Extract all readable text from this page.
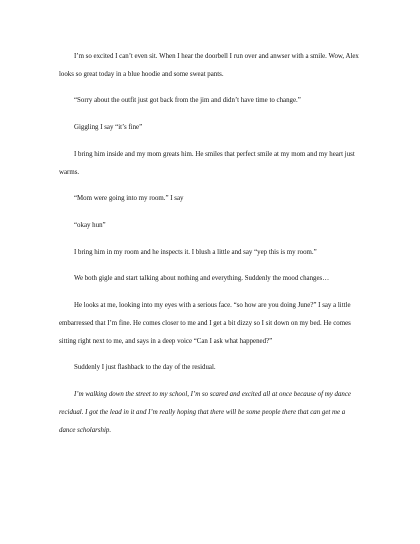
I’m so excited I can’t even sit. When I hear the doorbell I run over and anwser with a smile. Wow, Alex looks so great today in a blue hoodie and some sweat pants.

“Sorry about the outfit just got back from the jim and didn’t have time to change.”

Giggling I say “it’s fine”

I bring him inside and my mom greats him. He smiles that perfect smile at my mom and my heart just warms.

“Mom were going into my room.” I say

“okay hun”

I bring him in my room and he inspects it. I blush a little and say “yep this is my room.”

We both gigle and start talking about nothing and everything. Suddenly the mood changes…

He looks at me, looking into my eyes with a serious face. “so how are you doing June?” I say a little embarressed that I’m fine. He comes closer to me and I get a bit dizzy so I sit down on my bed. He comes sitting right next to me, and says in a deep voice “Can I ask what happened?”

Suddenly I just flashback to the day of the residual.

I’m walking down the street to my school, I’m so scared and excited all at once because of my dance recidual. I got the lead in it and I’m really hoping that there will be some people there that can get me a dance scholarship.
